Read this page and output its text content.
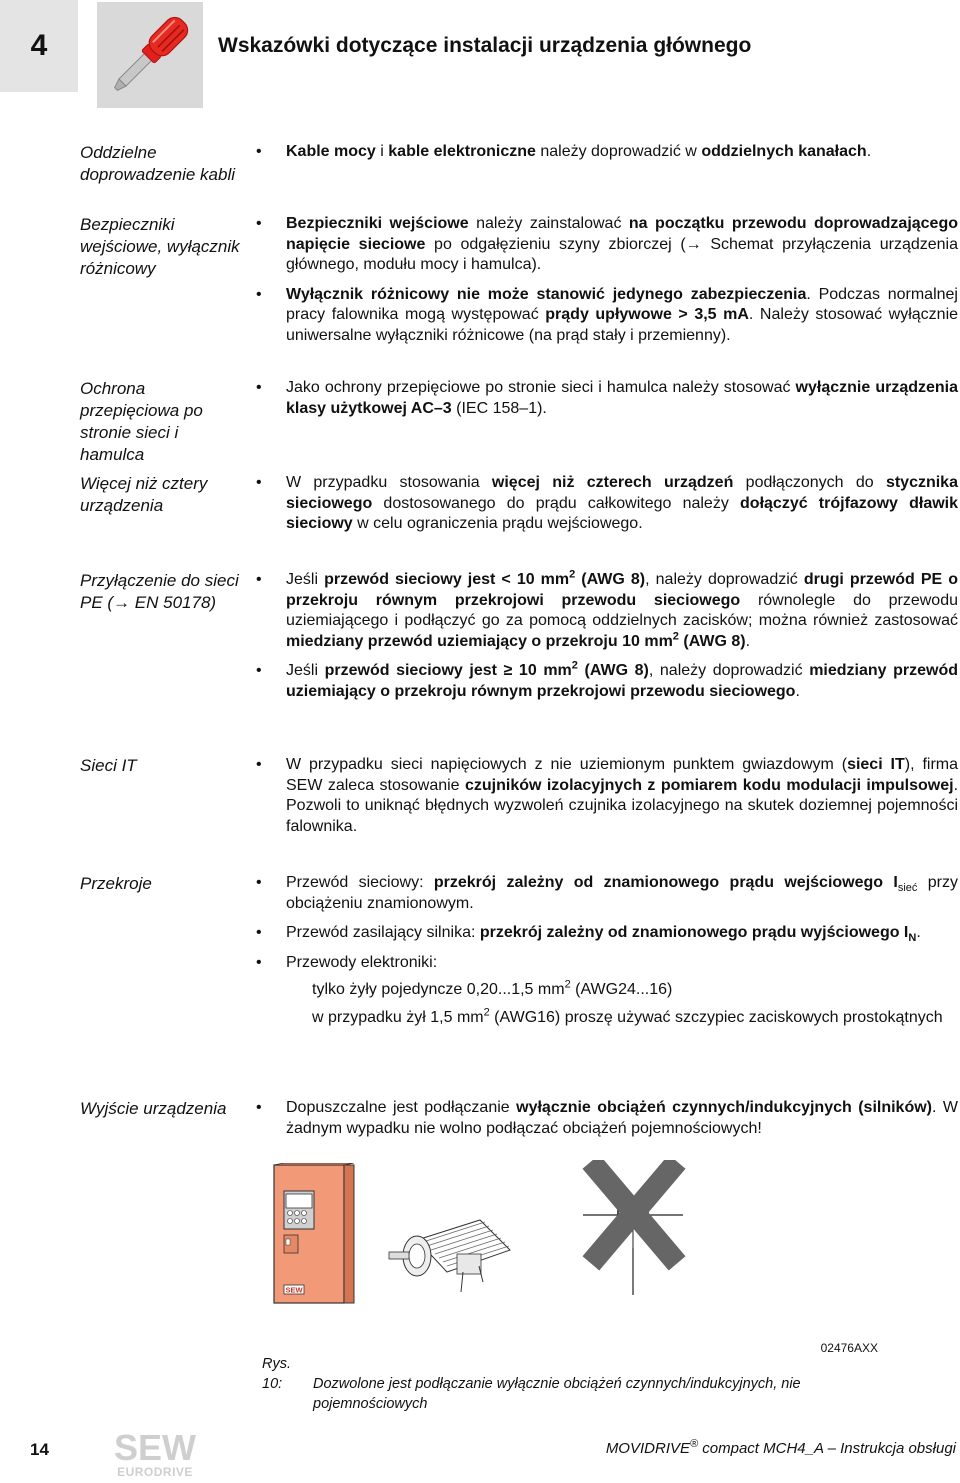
4	Wskazówki dotyczące instalacji urządzenia głównego

Oddzielne doprowadzenie kabli

• Kable mocy i kable elektroniczne należy doprowadzić w oddzielnych kanałach.

Bezpieczniki wejściowe, wyłącznik różnicowy

• Bezpieczniki wejściowe należy zainstalować na początku przewodu doprowadzającego napięcie sieciowe po odgałęzieniu szyny zbiorczej (→ Schemat przyłączenia urządzenia głównego, modułu mocy i hamulca).

• Wyłącznik różnicowy nie może stanowić jedynego zabezpieczenia. Podczas normalnej pracy falownika mogą występować prądy upływowe > 3,5 mA. Należy stosować wyłącznie uniwersalne wyłączniki różnicowe (na prąd stały i przemienny).

Ochrona przepięciowa po stronie sieci i hamulca

• Jako ochrony przepięciowe po stronie sieci i hamulca należy stosować wyłącznie urządzenia klasy użytkowej AC–3 (IEC 158–1).

Więcej niż cztery urządzenia

• W przypadku stosowania więcej niż czterech urządzeń podłączonych do stycznika sieciowego dostosowanego do prądu całkowitego należy dołączyć trójfazowy dławik sieciowy w celu ograniczenia prądu wejściowego.

Przyłączenie do sieci PE (→ EN 50178)

• Jeśli przewód sieciowy jest < 10 $mm^2$ (AWG 8), należy doprowadzić drugi przewód PE o przekroju równym przekrojowi przewodu sieciowego równolegle do przewodu uziemiającego i podłączyć go za pomocą oddzielnych zacisków; można również zastosować miedziany przewód uziemiający o przekroju 10 $mm^2$ (AWG 8).

• Jeśli przewód sieciowy jest ≥ 10 $mm^2$ (AWG 8), należy doprowadzić miedziany przewód uziemiający o przekroju równym przekrojowi przewodu sieciowego.

Sieci IT	• W przypadku sieci napięciowych z nie uziemionym punktem gwiazdowym (sieci IT), firma SEW zaleca stosowanie czujników izolacyjnych z pomiarem kodu modulacji impulsowej. Pozwoli to uniknąć błędnych wyzwoleń czujnika izolacyjnego na skutek doziemnej pojemności falownika.

Przekroje	• Przewód sieciowy: przekrój zależny od znamionowego prądu wejściowego $I_{sieć}$ przy obciążeniu znamionowym.

• Przewód zasilający silnika: przekrój zależny od znamionowego prądu wyjściowego $I_N$.

• Przewody elektroniki:

tylko żyły pojedyncze 0,20...1,5 $mm^2$ (AWG24...16)

w przypadku żył 1,5 $mm^2$ (AWG16) proszę używać szczypiec zaciskowych prostokątnych

Wyjście urządzenia	• Dopuszczalne jest podłączanie wyłącznie obciążeń czynnych/indukcyjnych (silników). W żadnym wypadku nie wolno podłączać obciążeń pojemnościowych!

SEW
02476AXX
Rys. 10: Dozwolone jest podłączanie wyłącznie obciążeń czynnych/indukcyjnych, nie
pojemnościowych
14 SEW
EURODRIVE
MOVIDRIVE® compact MCH4_A – Instrukcja obsługi
